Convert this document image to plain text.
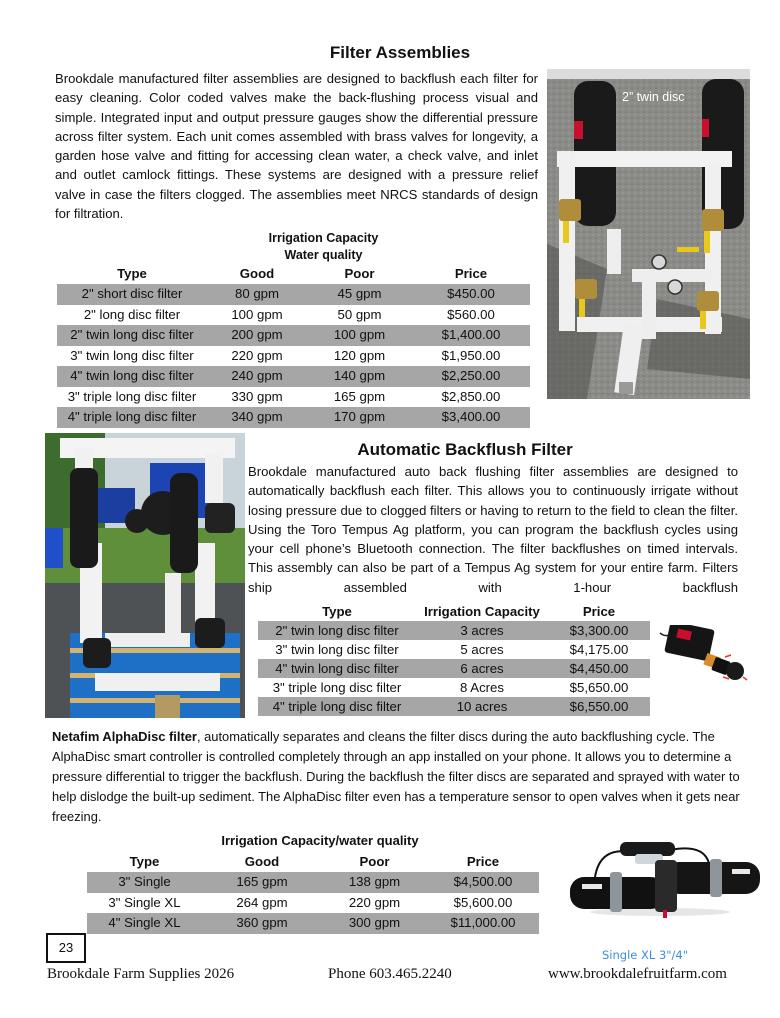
Filter Assemblies

Brookdale manufactured filter assemblies are designed to backflush each filter for easy cleaning. Color coded valves make the back-flushing process visual and simple. Integrated input and output pressure gauges show the differential pressure across filter system. Each unit comes assembled with brass valves for longevity, a garden hose valve and fitting for accessing clean water, a check valve, and inlet and outlet camlock fittings. These systems are designed with a pressure relief valve in case the filters clogged. The assemblies meet NRCS standards of design for filtration.

2” twin disc
Irrigation Capacity
Water quality
Type	Good	Poor	Price
2" short disc filter	80 gpm	45 gpm	$450.00
2" long disc filter	100 gpm	50 gpm	$560.00
2" twin long disc filter	200 gpm	100 gpm	$1,400.00
3" twin long disc filter	220 gpm	120 gpm	$1,950.00
4" twin long disc filter	240 gpm	140 gpm	$2,250.00
3" triple long disc filter	330 gpm	165 gpm	$2,850.00
4" triple long disc filter	340 gpm	170 gpm	$3,400.00
Automatic Backflush Filter

Brookdale manufactured auto back flushing filter assemblies are designed to automatically backflush each filter. This allows you to continuously irrigate without losing pressure due to clogged filters or having to return to the field to clean the filter. Using the Toro Tempus Ag platform, you can program the backflush cycles using your cell phone’s Bluetooth connection. The filter backflushes on timed intervals. This assembly can also be part of a Tempus Ag system for your entire farm. Filters ship assembled with 1-hour backflush

Type	Irrigation Capacity	Price
2" twin long disc filter	3 acres	$3,300.00
3" twin long disc filter	5 acres	$4,175.00
4" twin long disc filter	6 acres	$4,450.00
3" triple long disc filter	8 Acres	$5,650.00
4" triple long disc filter	10 acres	$6,550.00

Netafim AlphaDisc filter, automatically separates and cleans the filter discs during the auto backflushing cycle. The AlphaDisc smart controller is controlled completely through an app installed on your phone. It allows you to determine a pressure differential to trigger the backflush. During the backflush the filter discs are separated and sprayed with water to help dislodge the built-up sediment. The AlphaDisc filter even has a temperature sensor to open valves when it gets near freezing.

Irrigation Capacity/water quality
Type	Good	Poor	Price
3" Single	165 gpm	138 gpm	$4,500.00
3" Single XL	264 gpm	220 gpm	$5,600.00
4" Single XL	360 gpm	300 gpm	$11,000.00
Single XL 3"/4"
23
Brookdale Farm Supplies 2026	Phone 603.465.2240	www.brookdalefruitfarm.com
